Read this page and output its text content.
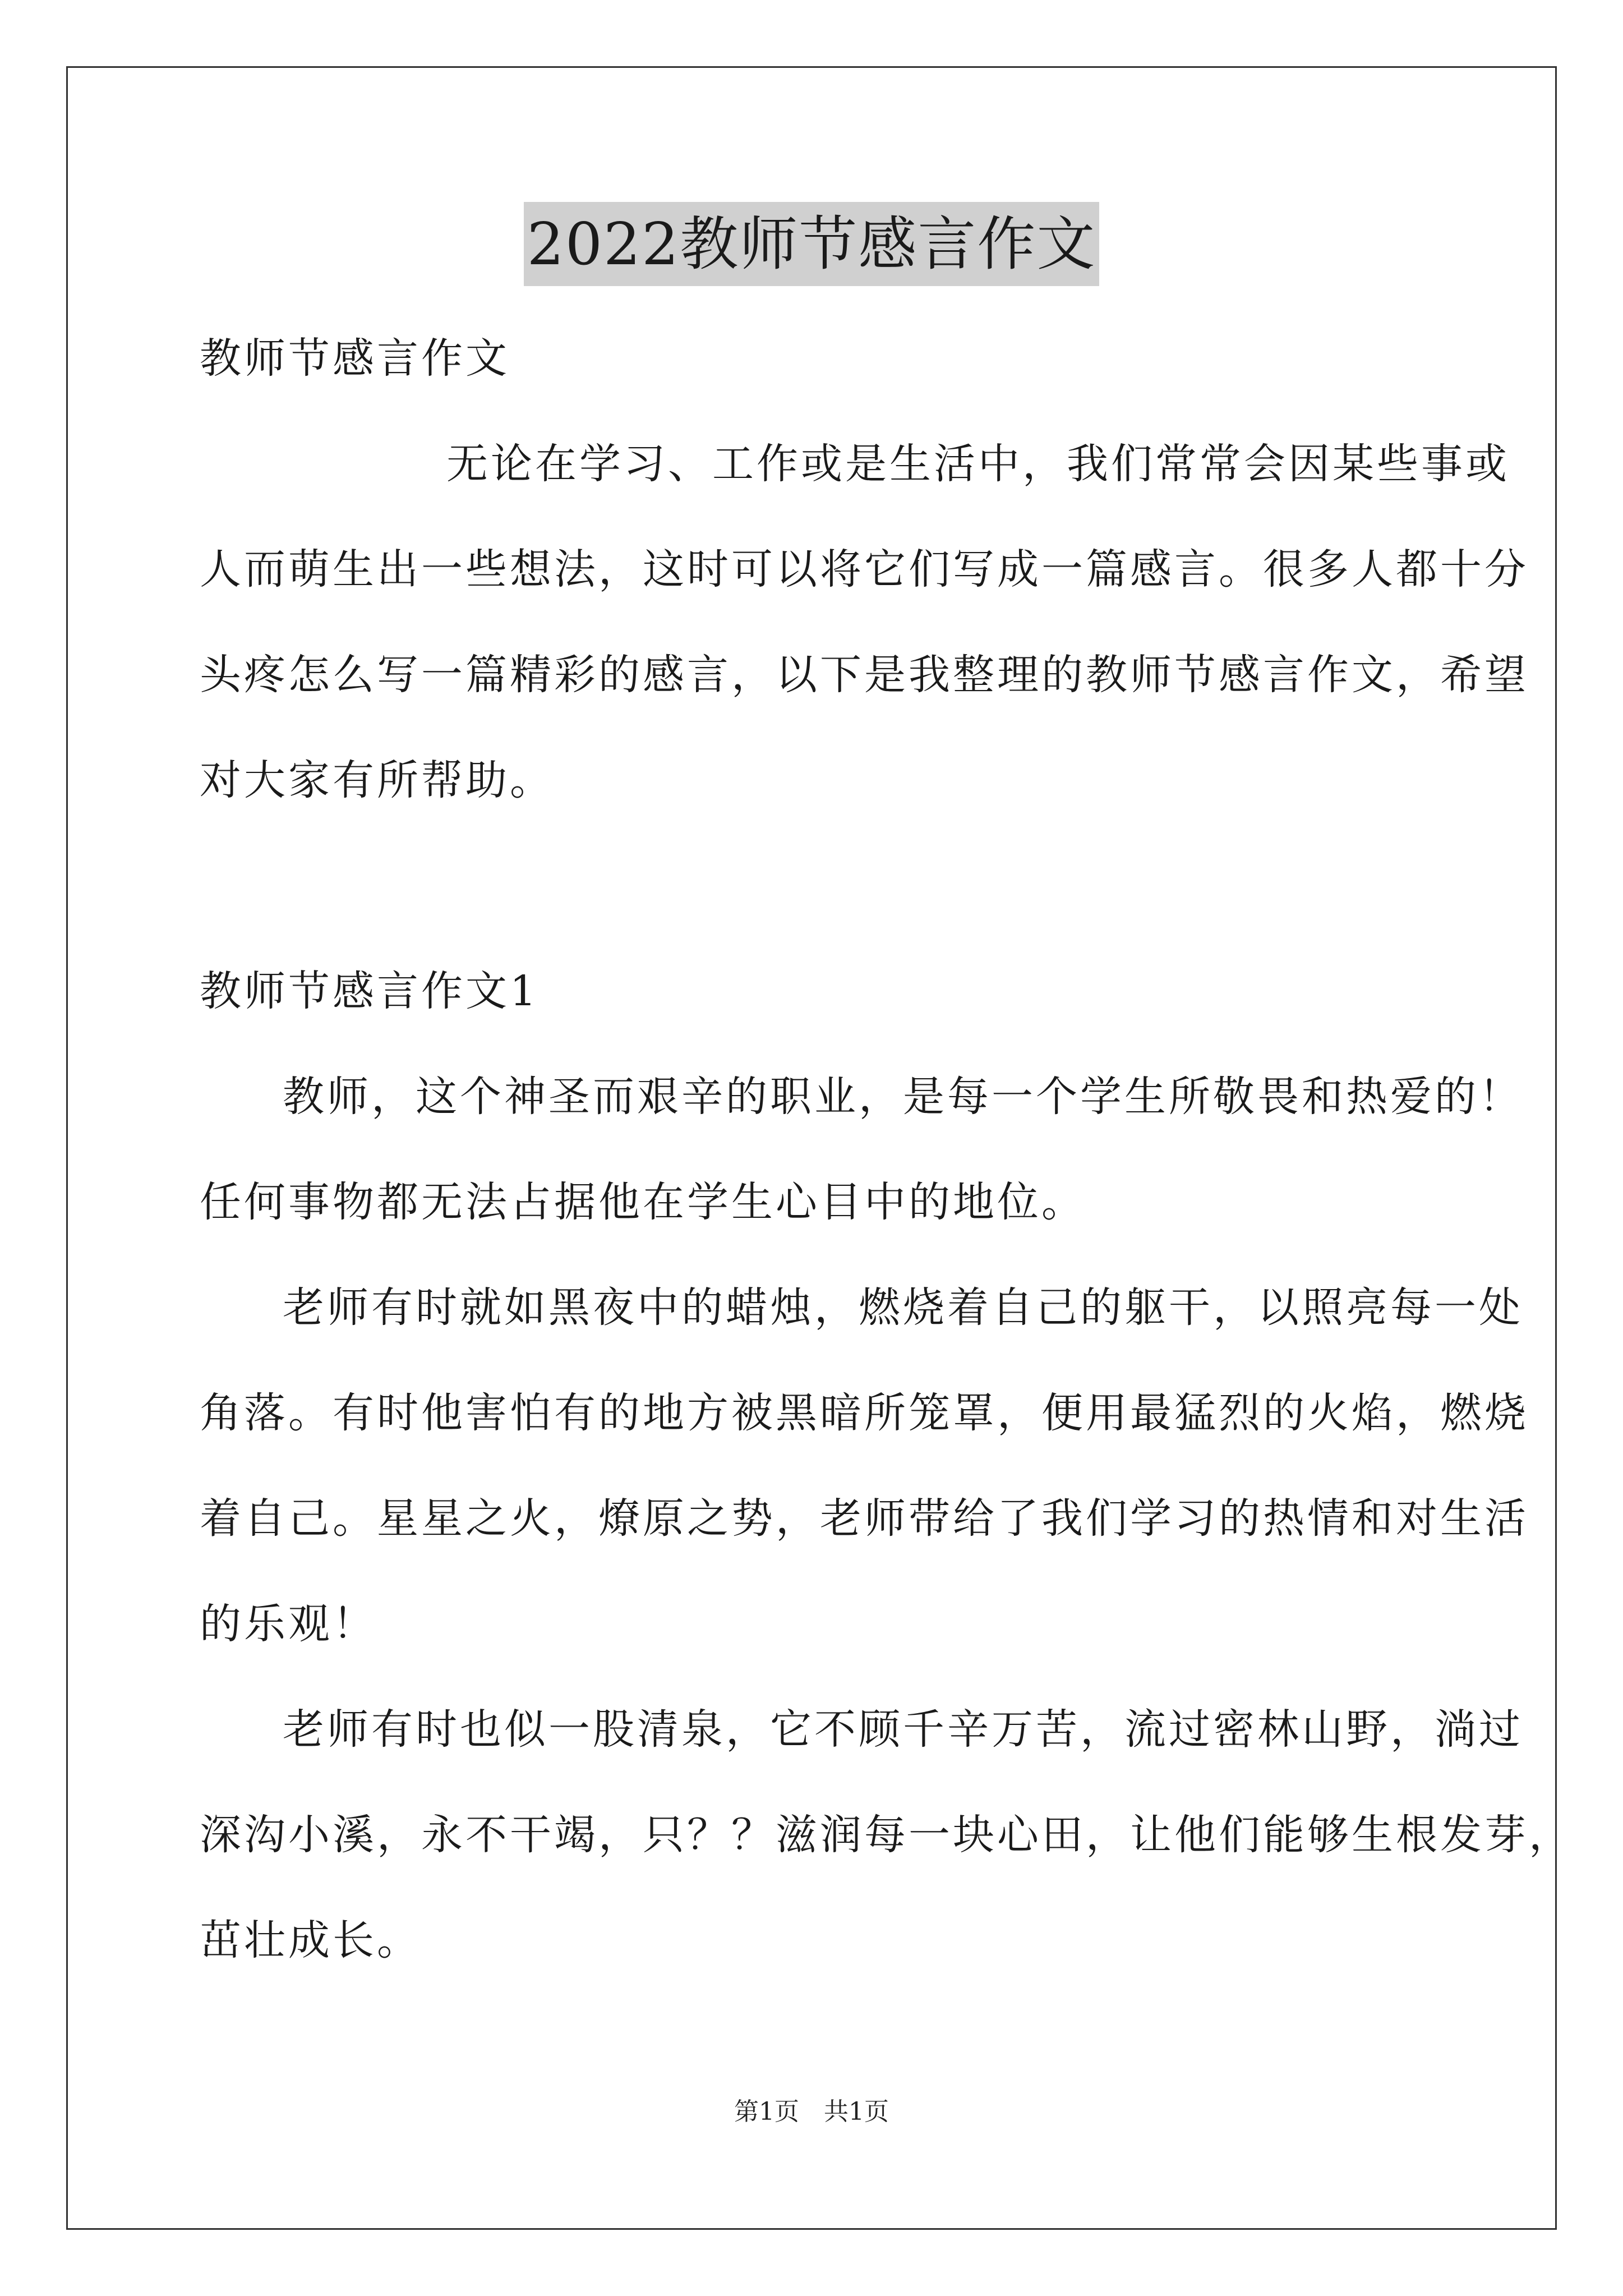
2022教师节感言作文
教师节感言作文
无论在学习、工作或是生活中，我们常常会因某些事或
人而萌生出一些想法，这时可以将它们写成一篇感言。很多人都十分
头疼怎么写一篇精彩的感言，以下是我整理的教师节感言作文，希望
对大家有所帮助。
教师节感言作文1
教师，这个神圣而艰辛的职业，是每一个学生所敬畏和热爱的！
任何事物都无法占据他在学生心目中的地位。
老师有时就如黑夜中的蜡烛，燃烧着自己的躯干，以照亮每一处
角落。有时他害怕有的地方被黑暗所笼罩，便用最猛烈的火焰，燃烧
着自己。星星之火，燎原之势，老师带给了我们学习的热情和对生活
的乐观！
老师有时也似一股清泉，它不顾千辛万苦，流过密林山野，淌过
深沟小溪，永不干竭，只？？滋润每一块心田，让他们能够生根发芽，
茁壮成长。
第1页　共1页
